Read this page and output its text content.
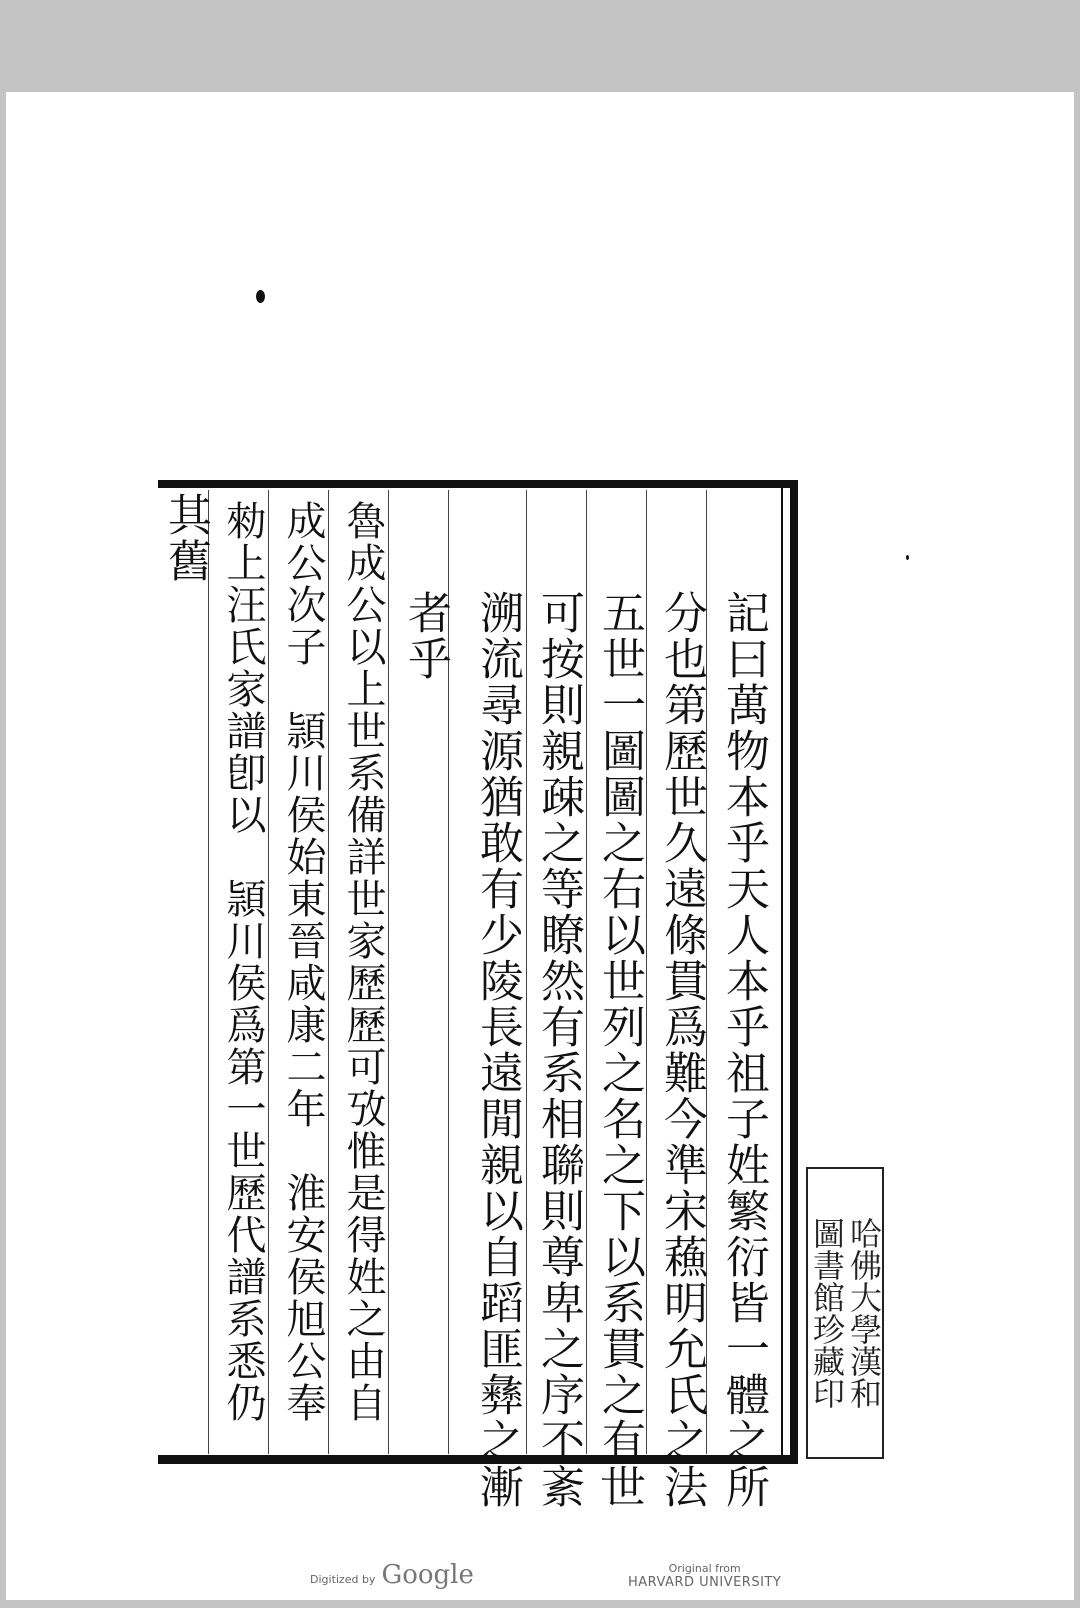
記曰萬物本乎天人本乎祖子姓繁衍皆一體之所
分也第歷世久遠條貫爲難今準宋蘓明允氏之法
五世一圖圖之右以世列之名之下以系貫之有世
可按則親疎之等瞭然有系相聯則尊卑之序不紊
溯流尋源猶敢有少陵長遠閒親以自蹈匪彝之漸
者乎
魯成公以上世系備詳世家歷歷可攷惟是得姓之由自
成公次子　頴川侯始東晉咸康二年　淮安侯旭公奉
勑上汪氏家譜卽以　頴川侯爲第一世歷代譜系悉仍
其舊
哈佛大學漢和
圖書館珍藏印
Digitized by Google	Original from
HARVARD UNIVERSITY
